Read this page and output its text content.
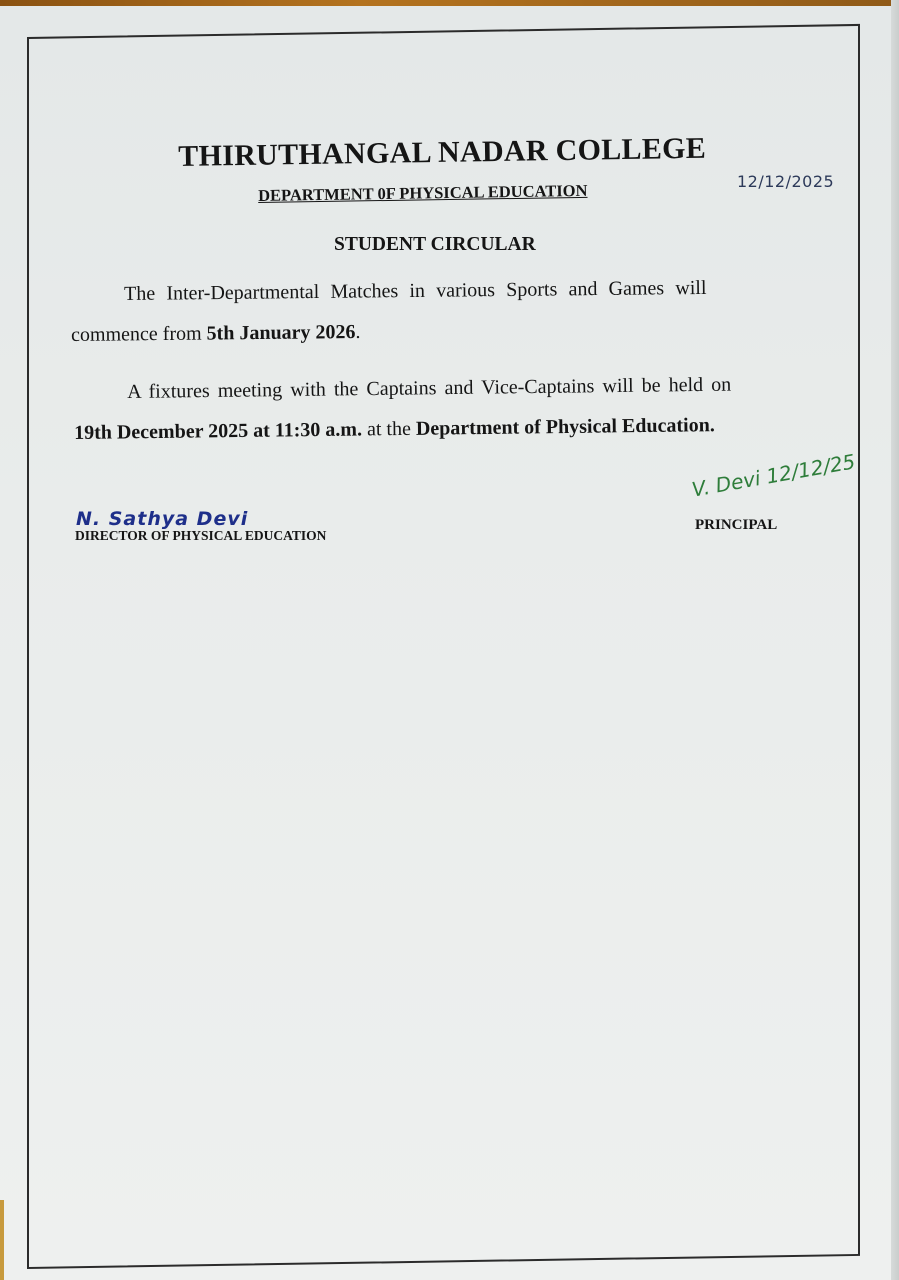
THIRUTHANGAL NADAR COLLEGE
DEPARTMENT 0F PHYSICAL EDUCATION	12/12/2025
STUDENT CIRCULAR
The Inter-Departmental Matches in various Sports and Games will
commence from 5th January 2026.
A fixtures meeting with the Captains and Vice-Captains will be held on
19th December 2025 at 11:30 a.m. at the Department of Physical Education.
N. Sathya Devi
DIRECTOR OF PHYSICAL EDUCATION
V. Devi 12/12/25
PRINCIPAL
